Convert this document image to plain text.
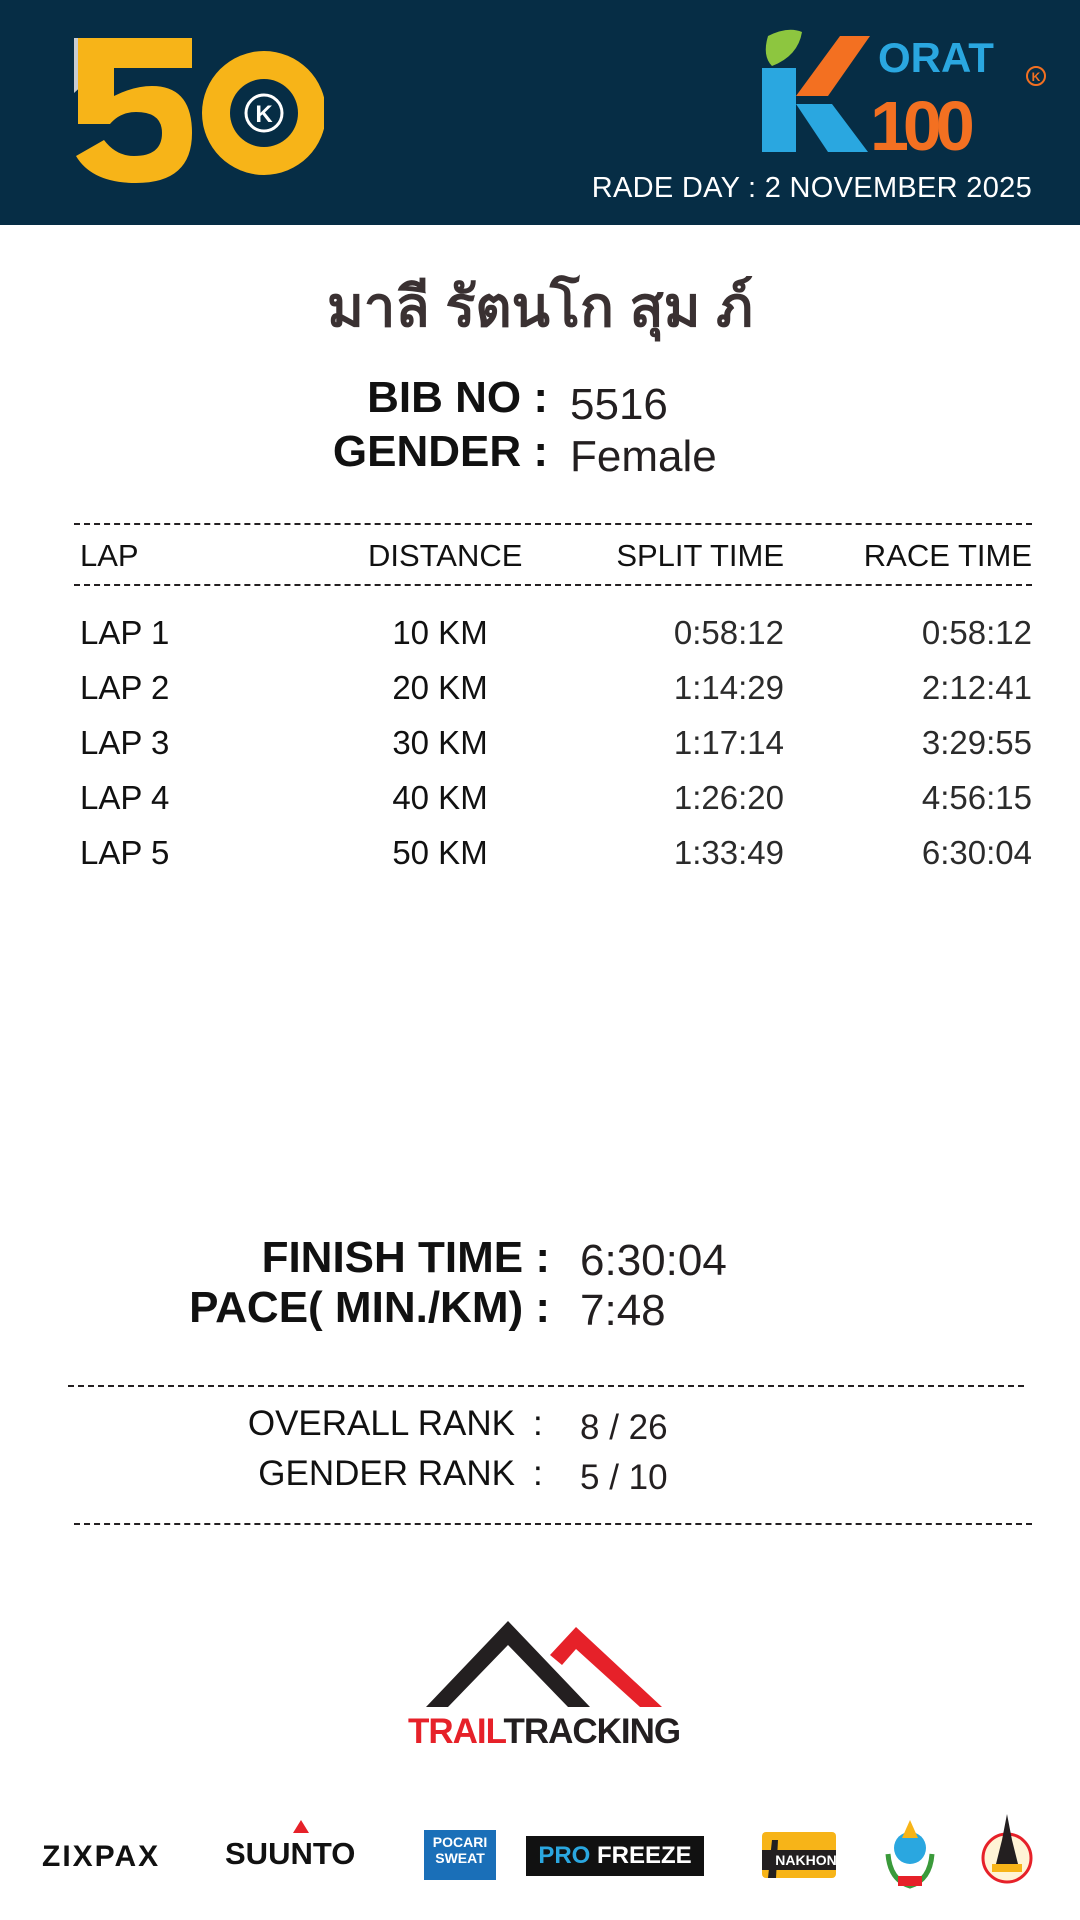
K
ORAT
100
K
RADE DAY : 2 NOVEMBER 2025
มาลี รัตนโก สุม ภ์
BIB NO : 5516
GENDER : Female
LAP	DISTANCE	SPLIT TIME	RACE TIME
LAP 1	10 KM	0:58:12	0:58:12
LAP 2	20 KM	1:14:29	2:12:41
LAP 3	30 KM	1:17:14	3:29:55
LAP 4	40 KM	1:26:20	4:56:15
LAP 5	50 KM	1:33:49	6:30:04
FINISH TIME : 6:30:04
PACE( MIN./KM) : 7:48
OVERALL RANK : 8 / 26
GENDER RANK : 5 / 10
TRAILTRACKING
ZIXPAX SUUNTO	POCARI
SWEAT	PRO FREEZE	NAKHON
